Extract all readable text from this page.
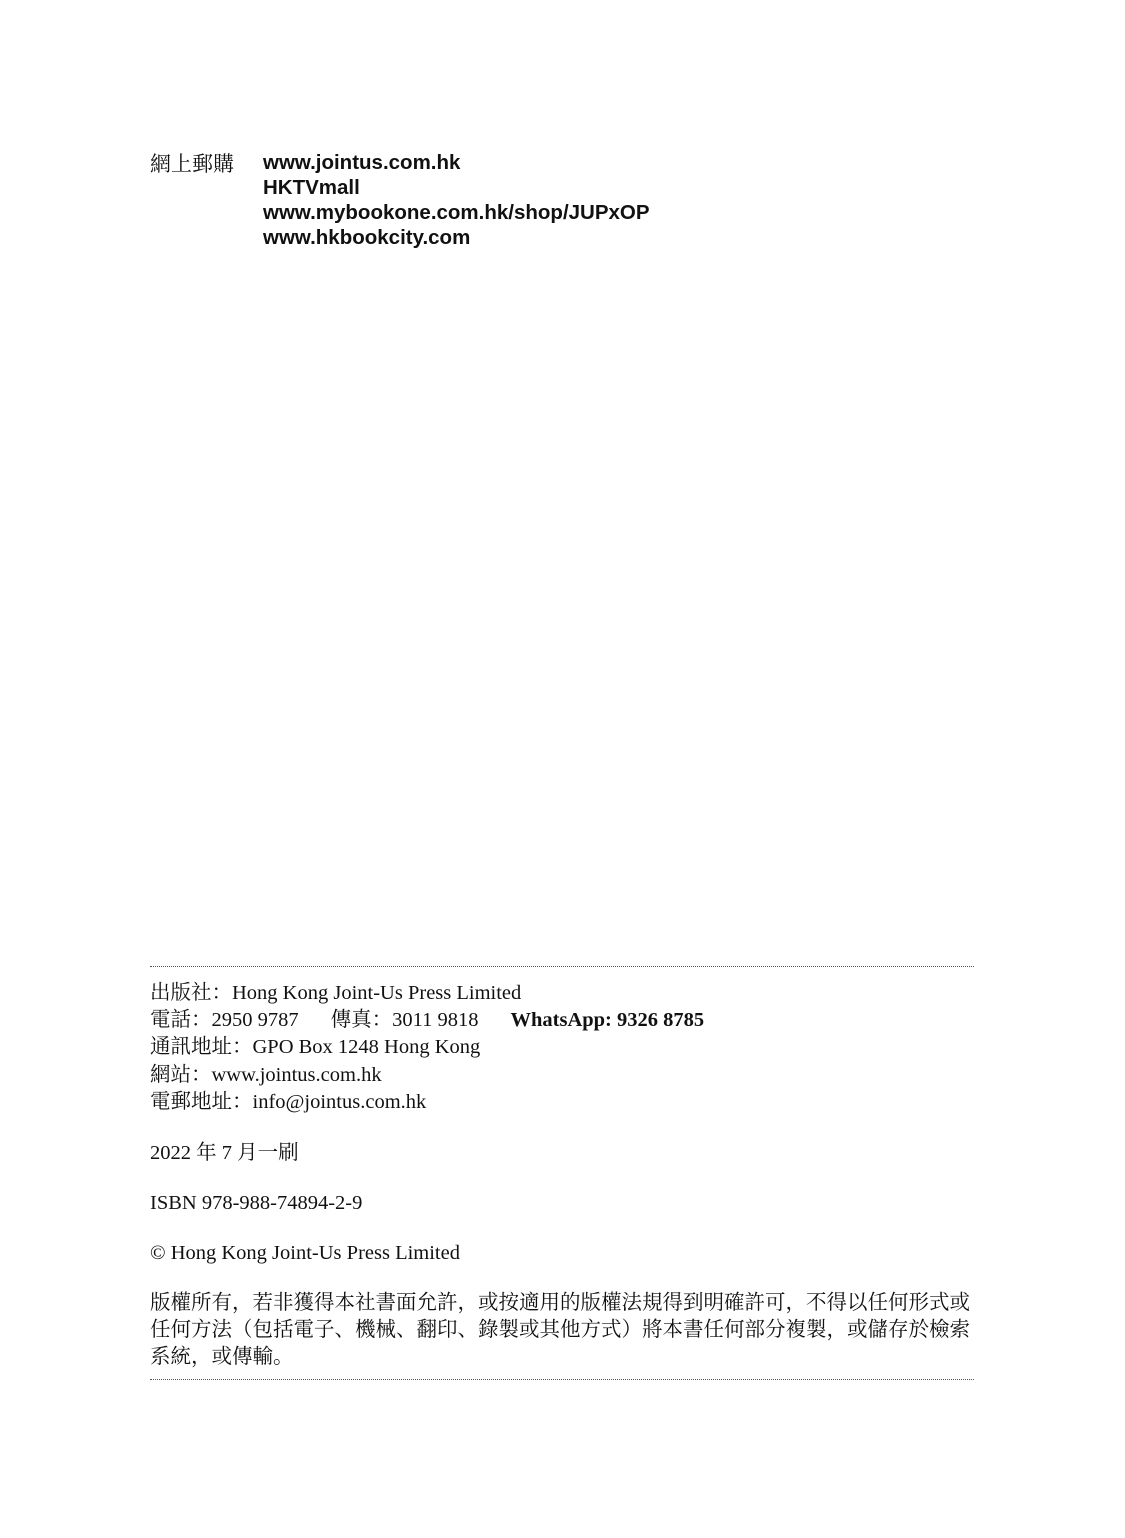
網上郵購 www.jointus.com.hk
HKTVmall
www.mybookone.com.hk/shop/JUPxOP
www.hkbookcity.com
出版社：Hong Kong Joint-Us Press Limited
電話：2950 9787 傳真：3011 9818 WhatsApp: 9326 8785
通訊地址：GPO Box 1248 Hong Kong
網站：www.jointus.com.hk
電郵地址：info@jointus.com.hk
2022 年 7 月一刷
ISBN 978-988-74894-2-9
© Hong Kong Joint-Us Press Limited
版權所有，若非獲得本社書面允許，或按適用的版權法規得到明確許可，不得以任何形式或
任何方法（包括電子、機械、翻印、錄製或其他方式）將本書任何部分複製，或儲存於檢索
系統，或傳輸。
